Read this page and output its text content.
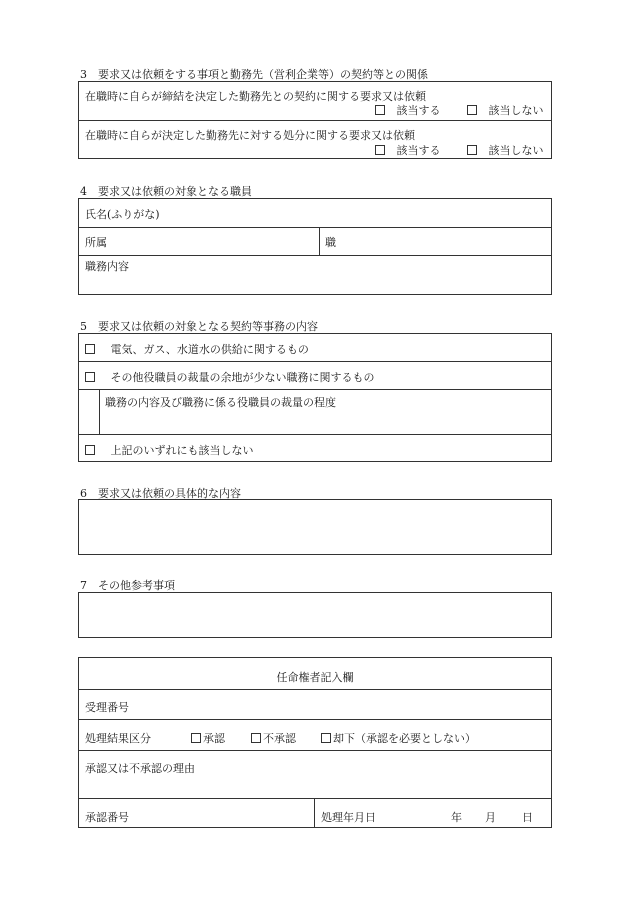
3　要求又は依頼をする事項と勤務先（営利企業等）の契約等との関係
在職時に自らが締結を決定した勤務先との契約に関する要求又は依頼
該当する	該当しない
在職時に自らが決定した勤務先に対する処分に関する要求又は依頼
該当する	該当しない
4　要求又は依頼の対象となる職員
氏名(ふりがな)
所属	職
職務内容
5　要求又は依頼の対象となる契約等事務の内容
電気、ガス、水道水の供給に関するもの
その他役職員の裁量の余地が少ない職務に関するもの
職務の内容及び職務に係る役職員の裁量の程度
上記のいずれにも該当しない
6　要求又は依頼の具体的な内容
7　その他参考事項
任命権者記入欄
受理番号
処理結果区分	承認	不承認	却下（承認を必要としない）
承認又は不承認の理由
承認番号	処理年月日	年 月 日
